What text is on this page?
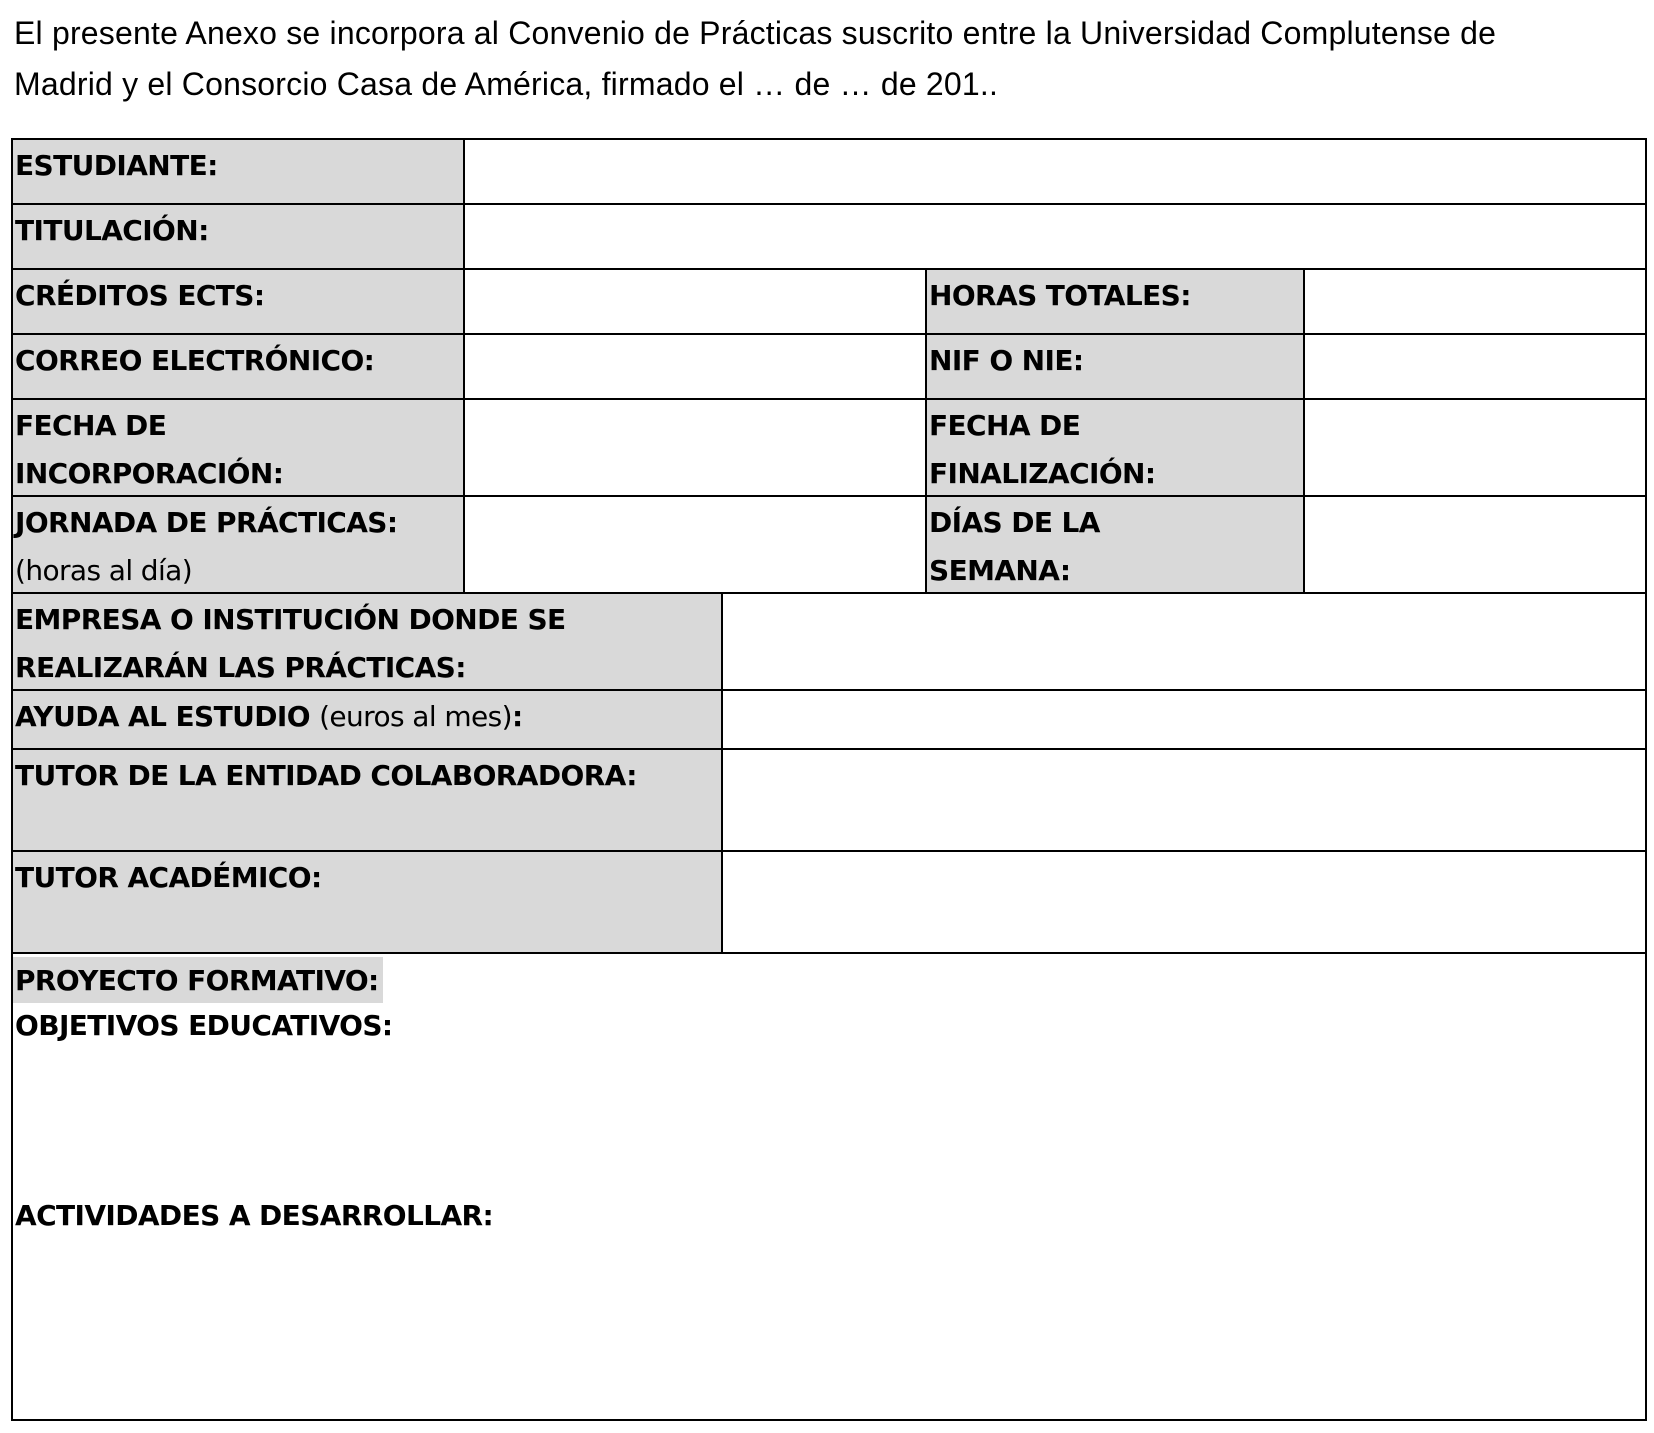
El presente Anexo se incorpora al Convenio de Prácticas suscrito entre la Universidad Complutense de
Madrid y el Consorcio Casa de América, firmado el … de … de 201..
ESTUDIANTE:
TITULACIÓN:
CRÉDITOS ECTS:	HORAS TOTALES:
CORREO ELECTRÓNICO:	NIF O NIE:
FECHA DE
INCORPORACIÓN:
FECHA DE
FINALIZACIÓN:
JORNADA DE PRÁCTICAS:
(horas al día)
DÍAS DE LA
SEMANA:
EMPRESA O INSTITUCIÓN DONDE SE
REALIZARÁN LAS PRÁCTICAS:
AYUDA AL ESTUDIO (euros al mes):
TUTOR DE LA ENTIDAD COLABORADORA:
TUTOR ACADÉMICO:
PROYECTO FORMATIVO:
OBJETIVOS EDUCATIVOS:
ACTIVIDADES A DESARROLLAR:
